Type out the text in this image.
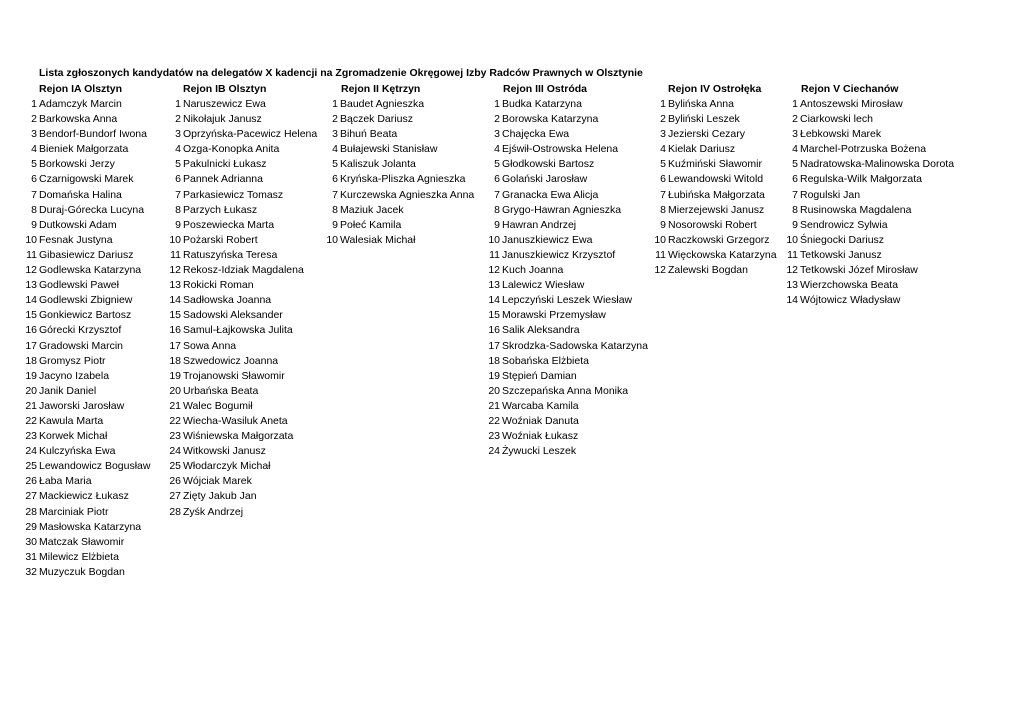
Lista zgłoszonych kandydatów na delegatów X kadencji na Zgromadzenie Okręgowej Izby Radców Prawnych w Olsztynie
Rejon IA Olsztyn
1 Adamczyk Marcin
2 Barkowska Anna
3 Bendorf-Bundorf Iwona
4 Bieniek Małgorzata
5 Borkowski Jerzy
6 Czarnigowski Marek
7 Domańska Halina
8 Duraj-Górecka Lucyna
9 Dutkowski Adam
10 Fesnak Justyna
11 Gibasiewicz Dariusz
12 Godlewska Katarzyna
13 Godlewski Paweł
14 Godlewski Zbigniew
15 Gonkiewicz Bartosz
16 Górecki Krzysztof
17 Gradowski Marcin
18 Gromysz Piotr
19 Jacyno Izabela
20 Janik Daniel
21 Jaworski Jarosław
22 Kawula Marta
23 Korwek Michał
24 Kulczyńska Ewa
25 Lewandowicz Bogusław
26 Łaba Maria
27 Mackiewicz Łukasz
28 Marciniak Piotr
29 Masłowska Katarzyna
30 Matczak Sławomir
31 Milewicz Elżbieta
32 Muzyczuk Bogdan
Rejon IB Olsztyn
1 Naruszewicz Ewa
2 Nikołajuk Janusz
3 Oprzyńska-Pacewicz Helena
4 Ozga-Konopka Anita
5 Pakulnicki Łukasz
6 Pannek Adrianna
7 Parkasiewicz Tomasz
8 Parzych Łukasz
9 Poszewiecka Marta
10 Pożarski Robert
11 Ratuszyńska Teresa
12 Rekosz-Idziak Magdalena
13 Rokicki Roman
14 Sadłowska Joanna
15 Sadowski Aleksander
16 Samul-Łajkowska Julita
17 Sowa Anna
18 Szwedowicz Joanna
19 Trojanowski Sławomir
20 Urbańska Beata
21 Walec Bogumił
22 Wiecha-Wasiluk Aneta
23 Wiśniewska Małgorzata
24 Witkowski Janusz
25 Włodarczyk Michał
26 Wójciak Marek
27 Zięty Jakub Jan
28 Zyśk Andrzej
Rejon II Kętrzyn
1 Baudet Agnieszka
2 Bączek Dariusz
3 Bihuń Beata
4 Bułajewski Stanisław
5 Kaliszuk Jolanta
6 Kryńska-Pliszka Agnieszka
7 Kurczewska Agnieszka Anna
8 Maziuk Jacek
9 Połeć Kamila
10 Walesiak Michał
Rejon III Ostróda
1 Budka Katarzyna
2 Borowska Katarzyna
3 Chajęcka Ewa
4 Ejświł-Ostrowska Helena
5 Głodkowski Bartosz
6 Golański Jarosław
7 Granacka Ewa Alicja
8 Grygo-Hawran Agnieszka
9 Hawran Andrzej
10 Januszkiewicz Ewa
11 Januszkiewicz Krzysztof
12 Kuch Joanna
13 Lalewicz Wiesław
14 Lepczyński Leszek Wiesław
15 Morawski Przemysław
16 Salik Aleksandra
17 Skrodzka-Sadowska Katarzyna
18 Sobańska Elżbieta
19 Stępień Damian
20 Szczepańska Anna Monika
21 Warcaba Kamila
22 Woźniak Danuta
23 Woźniak Łukasz
24 Żywucki Leszek
Rejon IV Ostrołęka
1 Bylińska Anna
2 Byliński Leszek
3 Jezierski Cezary
4 Kielak Dariusz
5 Kuźmiński Sławomir
6 Lewandowski Witold
7 Łubińska Małgorzata
8 Mierzejewski Janusz
9 Nosorowski Robert
10 Raczkowski Grzegorz
11 Więckowska Katarzyna
12 Zalewski Bogdan
Rejon V Ciechanów
1 Antoszewski Mirosław
2 Ciarkowski lech
3 Łebkowski Marek
4 Marchel-Potrzuska Bożena
5 Nadratowska-Malinowska Dorota
6 Regulska-Wilk Małgorzata
7 Rogulski Jan
8 Rusinowska Magdalena
9 Sendrowicz Sylwia
10 Śniegocki Dariusz
11 Tetkowski Janusz
12 Tetkowski Józef Mirosław
13 Wierzchowska Beata
14 Wójtowicz Władysław
